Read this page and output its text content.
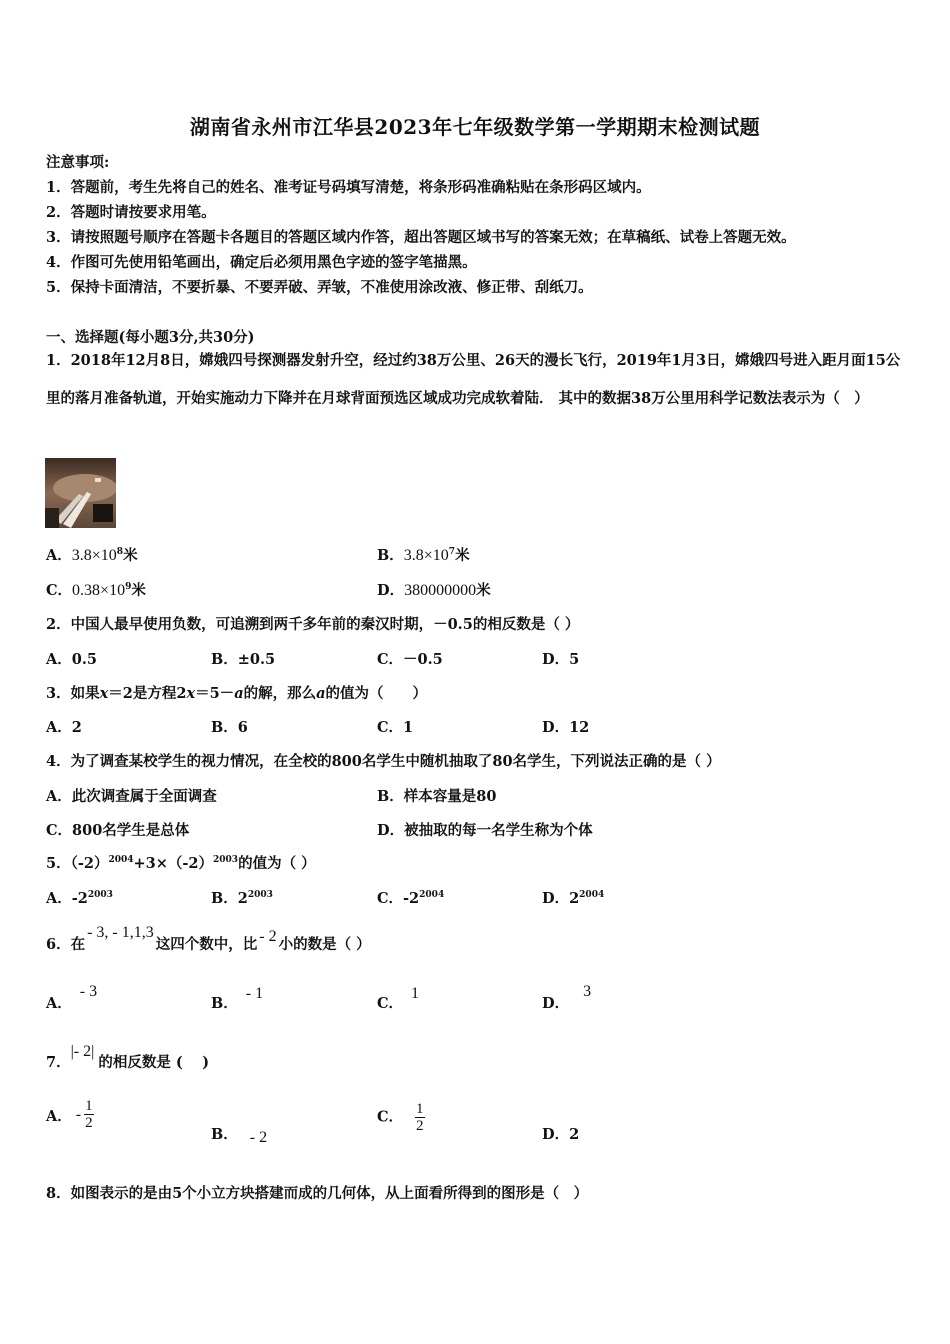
湖南省永州市江华县2023年七年级数学第一学期期末检测试题
注意事项:
1．答题前，考生先将自己的姓名、准考证号码填写清楚，将条形码准确粘贴在条形码区域内。
2．答题时请按要求用笔。
3．请按照题号顺序在答题卡各题目的答题区域内作答，超出答题区域书写的答案无效；在草稿纸、试卷上答题无效。
4．作图可先使用铅笔画出，确定后必须用黑色字迹的签字笔描黑。
5．保持卡面清洁，不要折暴、不要弄破、弄皱，不准使用涂改液、修正带、刮纸刀。
一、选择题(每小题3分,共30分)
1．2018年12月8日，嫦娥四号探测器发射升空，经过约38万公里、26天的漫长飞行，2019年1月3日，嫦娥四号进入距月面15公里的落月准备轨道，开始实施动力下降并在月球背面预选区域成功完成软着陆． 其中的数据38万公里用科学记数法表示为（　）
A．$3.8\times 10^8$米	B．$3.8\times 10^7$米
C．$0.38\times 10^9$米	D．380000000米
2．中国人最早使用负数，可追溯到两千多年前的秦汉时期，－0.5的相反数是（ ）
A．0.5	B．±0.5	C．－0.5	D．5
3．如果x＝2是方程2x＝5－a的解，那么a的值为（　　）
A．2	B．6	C．1	D．12
4．为了调查某校学生的视力情况，在全校的800名学生中随机抽取了80名学生，下列说法正确的是（ ）
A．此次调查属于全面调查	B．样本容量是80
C．800名学生是总体	D．被抽取的每一名学生称为个体
5．$(-2)^{2004}+3\times(-2)^{2003}$的值为（ ）
A．$-2^{2003}$	B．$2^{2003}$	C．$-2^{2004}$	D．$2^{2004}$
6．在- 3, - 1,1,3这四个数中，比 - 2 小的数是（ ）
A．- 3
B．- 1
C．1
D．3
7．|- 2|的相反数是 ( 　)
A． - $\frac{1}{2}$
B． - 2
C． $\frac{1}{2}$
D．2
8．如图表示的是由5个小立方块搭建而成的几何体，从上面看所得到的图形是（　）
